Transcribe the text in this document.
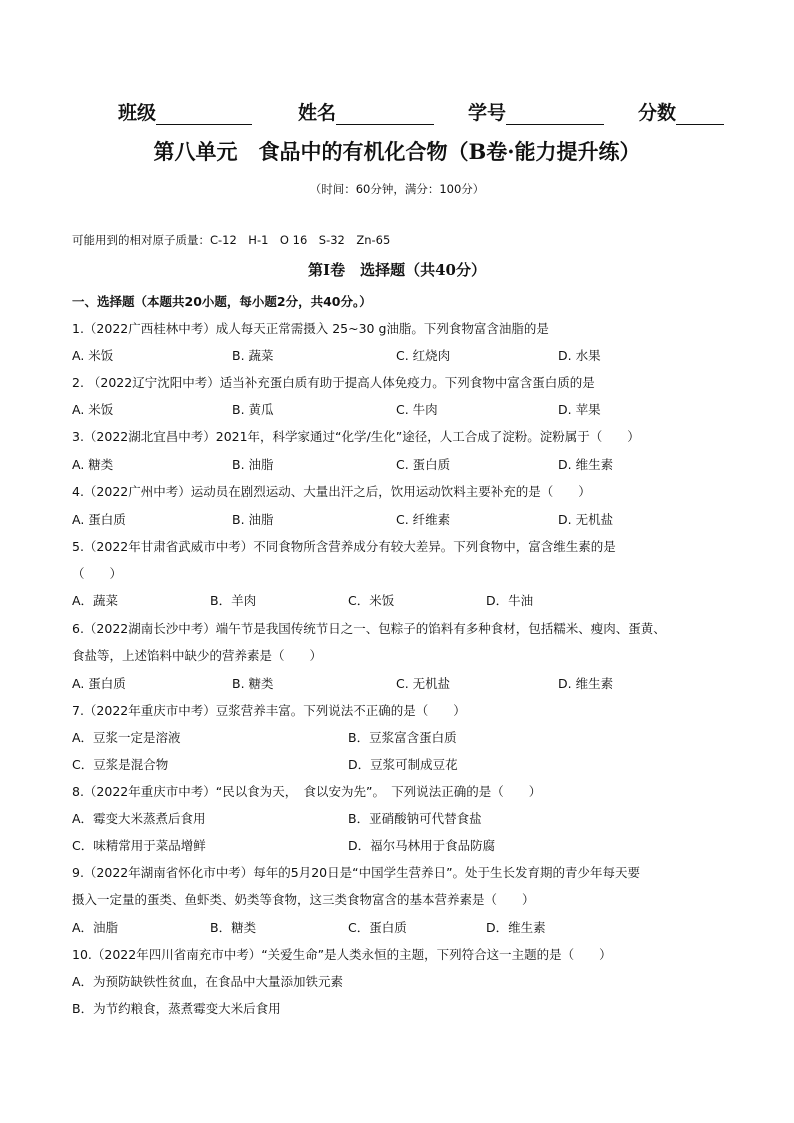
班级	姓名	学号	分数
第八单元　食品中的有机化合物（B卷·能力提升练）
（时间：60分钟，满分：100分）
可能用到的相对原子质量：C-12　H-1　O 16　S-32　Zn-65
第Ⅰ卷　选择题（共40分）
一、选择题（本题共20小题，每小题2分，共40分。）
1.（2022广西桂林中考）成人每天正常需摄入 25~30 g油脂。下列食物富含油脂的是
A. 米饭	B. 蔬菜	C. 红烧肉	D. 水果
2. （2022辽宁沈阳中考）适当补充蛋白质有助于提高人体免疫力。下列食物中富含蛋白质的是
A. 米饭	B. 黄瓜	C. 牛肉	D. 苹果
3.（2022湖北宜昌中考）2021年，科学家通过“化学/生化”途径，人工合成了淀粉。淀粉属于（　　）
A. 糖类	B. 油脂	C. 蛋白质	D. 维生素
4.（2022广州中考）运动员在剧烈运动、大量出汗之后，饮用运动饮料主要补充的是（　　）
A. 蛋白质	B. 油脂	C. 纤维素	D. 无机盐
5.（2022年甘肃省武威市中考）不同食物所含营养成分有较大差异。下列食物中，富含维生素的是
（　　）
A．蔬菜	B．羊肉	C．米饭	D．牛油
6.（2022湖南长沙中考）端午节是我国传统节日之一、包粽子的馅料有多种食材，包括糯米、瘦肉、蛋黄、
食盐等，上述馅料中缺少的营养素是（　　）
A. 蛋白质	B. 糖类	C. 无机盐	D. 维生素
7.（2022年重庆市中考）豆浆营养丰富。下列说法不正确的是（　　）
A．豆浆一定是溶液	B．豆浆富含蛋白质
C．豆浆是混合物	D．豆浆可制成豆花
8.（2022年重庆市中考）“民以食为天，　食以安为先”。　下列说法正确的是（　　）
A．霉变大米蒸煮后食用	B．亚硝酸钠可代替食盐
C．味精常用于菜品增鲜	D．福尔马林用于食品防腐
9.（2022年湖南省怀化市中考）每年的5月20日是“中国学生营养日”。处于生长发育期的青少年每天要
摄入一定量的蛋类、鱼虾类、奶类等食物，这三类食物富含的基本营养素是（　　）
A．油脂	B．糖类	C．蛋白质	D．维生素
10.（2022年四川省南充市中考）“关爱生命”是人类永恒的主题，下列符合这一主题的是（　　）
A．为预防缺铁性贫血，在食品中大量添加铁元素
B．为节约粮食，蒸煮霉变大米后食用
